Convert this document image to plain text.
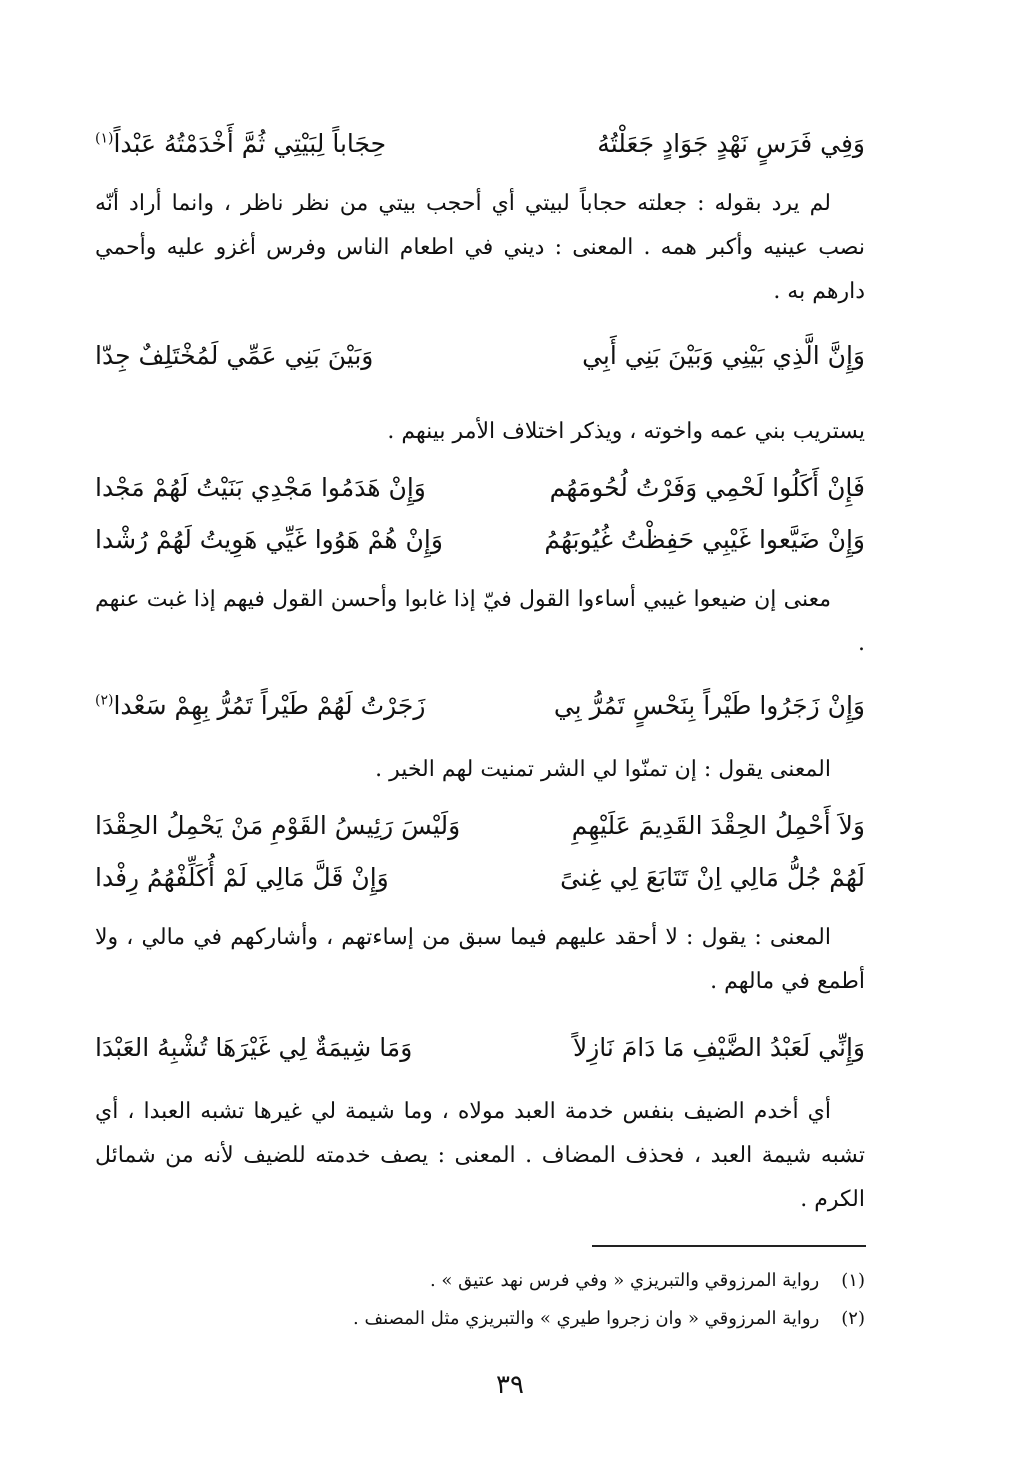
وَفِي فَرَسٍ نَهْدٍ جَوَادٍ جَعَلْتُهُ
حِجَاباً لِبَيْتِي ثُمَّ أَخْدَمْتُهُ عَبْداً$^{(١)}$

لم يرد بقوله : جعلته حجاباً لبيتي أي أحجب بيتي من نظر ناظر ، وانما أراد أنّه نصب عينيه وأكبر همه . المعنى : ديني في اطعام الناس وفرس أغزو عليه وأحمي دارهم به .

وَإِنَّ الَّذِي بَيْنِي وَبَيْنَ بَنِي أَبِي
وَبَيْنَ بَنِي عَمِّي لَمُخْتَلِفٌ جِدّا

يستريب بني عمه واخوته ، ويذكر اختلاف الأمر بينهم .

فَإِنْ أَكَلُوا لَحْمِي وَفَرْتُ لُحُومَهُم
وَإِنْ هَدَمُوا مَجْدِي بَنَيْتُ لَهُمْ مَجْدا
وَإِنْ ضَيَّعوا غَيْبِي حَفِظْتُ غُيُوبَهُمُ
وَإِنْ هُمْ هَوُوا غَيِّي هَوِيتُ لَهُمْ رُشْدا

معنى إن ضيعوا غيبي أساءوا القول فيّ إذا غابوا وأحسن القول فيهم إذا غبت عنهم .

وَإِنْ زَجَرُوا طَيْراً بِنَحْسٍ تَمُرُّ بِي
زَجَرْتُ لَهُمْ طَيْراً تَمُرُّ بِهِمْ سَعْدا$^{(٢)}$

المعنى يقول : إن تمنّوا لي الشر تمنيت لهم الخير .

وَلاَ أَحْمِلُ الحِقْدَ القَدِيمَ عَلَيْهِمِ
وَلَيْسَ رَئِيسُ القَوْمِ مَنْ يَحْمِلُ الحِقْدَا
لَهُمْ جُلُّ مَالِي اِنْ تَتَابَعَ لِي غِنىً
وَإِنْ قَلَّ مَالِي لَمْ أُكَلِّفْهُمُ رِفْدا

المعنى : يقول : لا أحقد عليهم فيما سبق من إساءتهم ، وأشاركهم في مالي ، ولا أطمع في مالهم .

وَإِنِّي لَعَبْدُ الضَّيْفِ مَا دَامَ نَازِلاً
وَمَا شِيمَةٌ لِي غَيْرَهَا تُشْبِهُ العَبْدَا

أي أخدم الضيف بنفس خدمة العبد مولاه ، وما شيمة لي غيرها تشبه العبدا ، أي تشبه شيمة العبد ، فحذف المضاف . المعنى : يصف خدمته للضيف لأنه من شمائل الكرم .

(١) رواية المرزوقي والتبريزي « وفي فرس نهد عتيق » .
(٢) رواية المرزوقي « وان زجروا طيري » والتبريزي مثل المصنف .
٣٩
